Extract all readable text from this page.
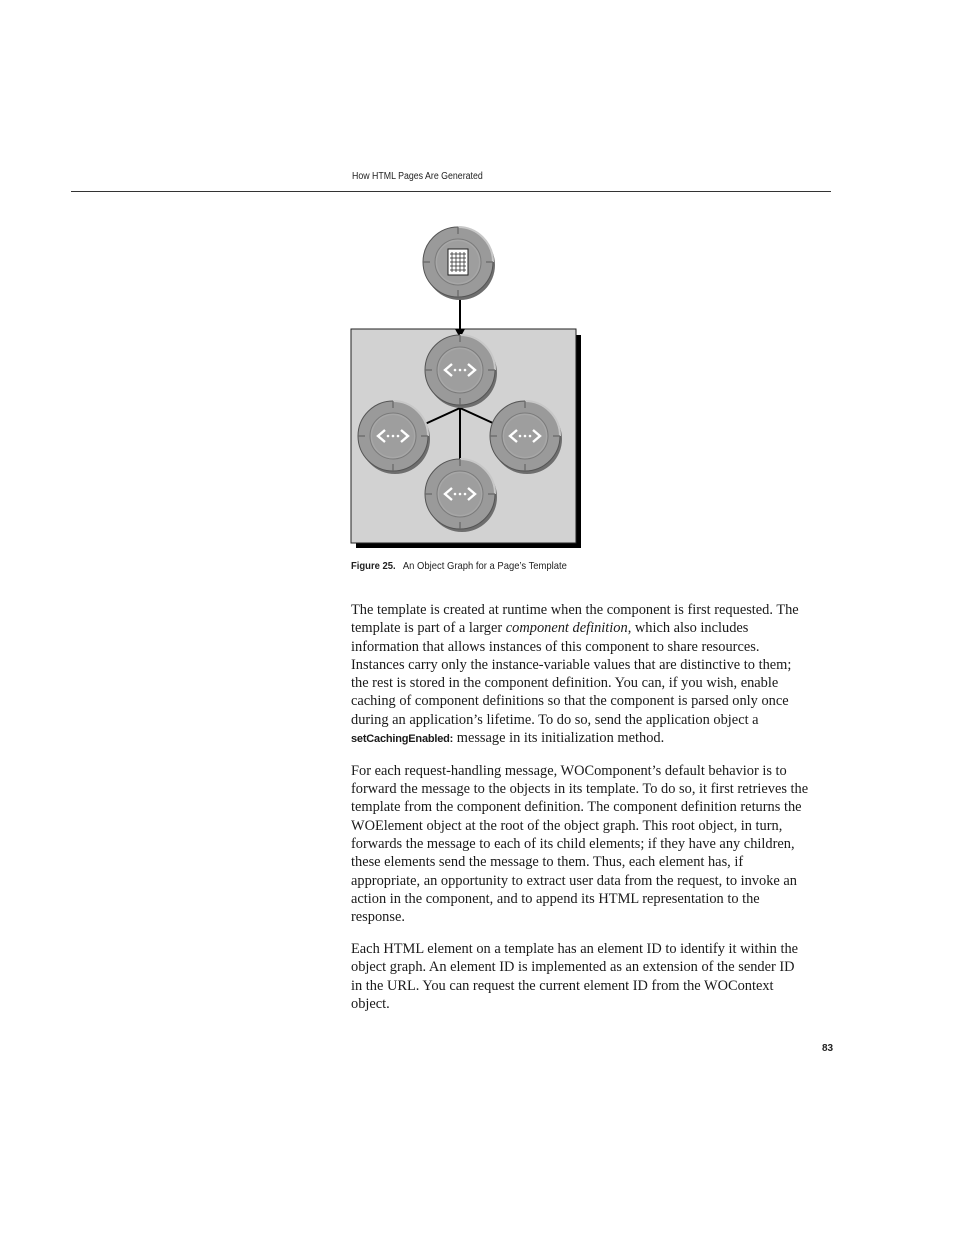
How HTML Pages Are Generated
Figure 25. An Object Graph for a Page’s Template

The template is created at runtime when the component is first requested. The template is part of a larger component definition, which also includes information that allows instances of this component to share resources. Instances carry only the instance-variable values that are distinctive to them; the rest is stored in the component definition. You can, if you wish, enable caching of component definitions so that the component is parsed only once during an application’s lifetime. To do so, send the application object a setCachingEnabled: message in its initialization method.

For each request-handling message, WOComponent’s default behavior is to forward the message to the objects in its template. To do so, it first retrieves the template from the component definition. The component definition returns the WOElement object at the root of the object graph. This root object, in turn, forwards the message to each of its child elements; if they have any children, these elements send the message to them. Thus, each element has, if appropriate, an opportunity to extract user data from the request, to invoke an action in the component, and to append its HTML representation to the response.

Each HTML element on a template has an element ID to identify it within the object graph. An element ID is implemented as an extension of the sender ID in the URL. You can request the current element ID from the WOContext object.

83
